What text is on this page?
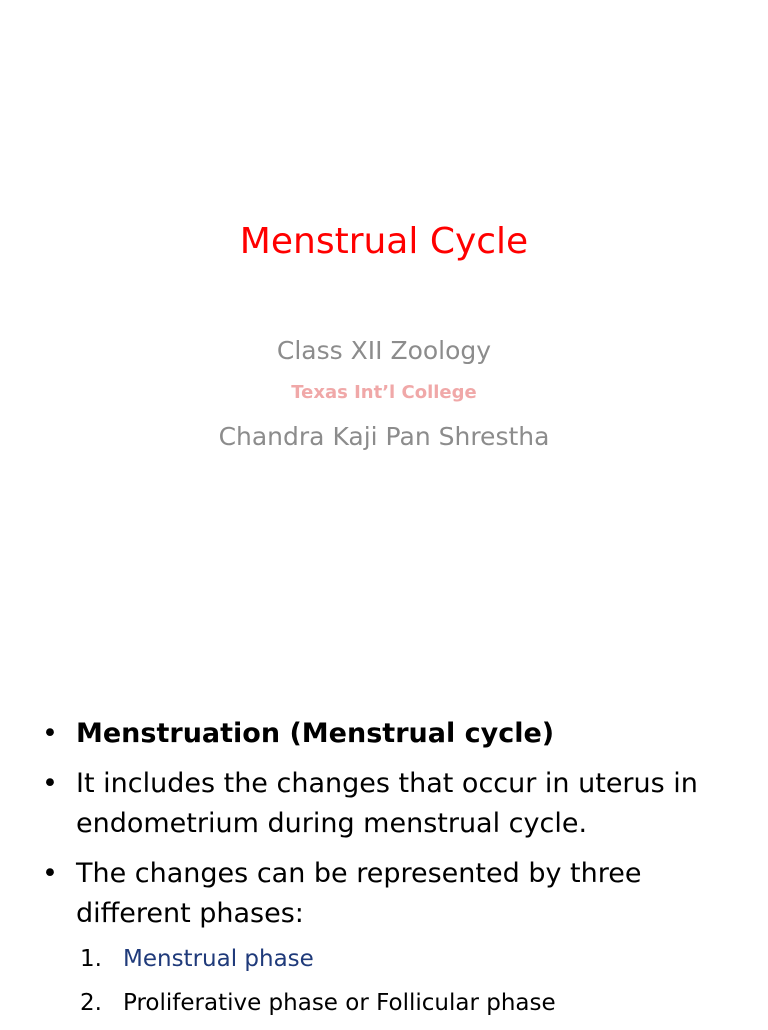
Menstrual Cycle
Class XII Zoology
Texas Int’l College
Chandra Kaji Pan Shrestha
• Menstruation (Menstrual cycle)
• It includes the changes that occur in uterus in endometrium during menstrual cycle.
• The changes can be represented by three different phases:
1. Menstrual phase
2. Proliferative phase or Follicular phase
